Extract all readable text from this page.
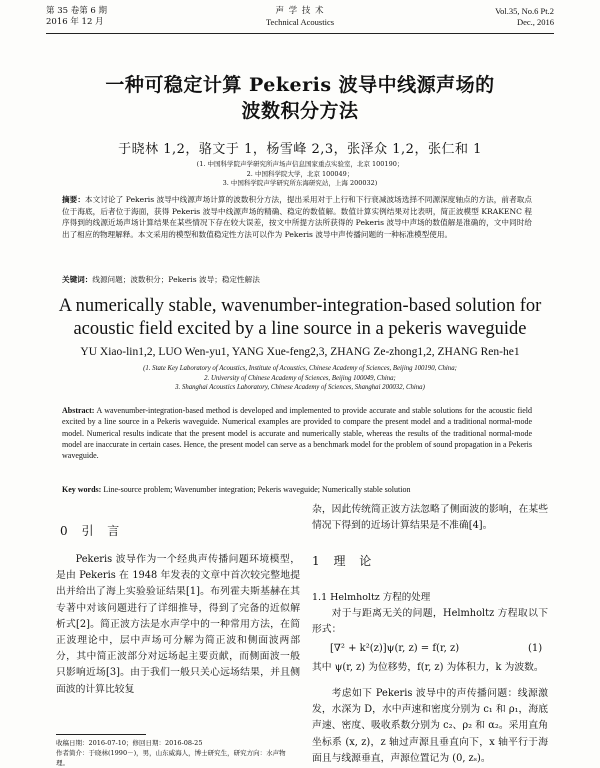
第 35 卷第 6 期
2016 年 12 月
声 学 技 术
Technical Acoustics
Vol.35, No.6 Pt.2
Dec., 2016
一种可稳定计算 Pekeris 波导中线源声场的
波数积分方法
于晓林 1,2，骆文于 1，杨雪峰 2,3，张泽众 1,2，张仁和 1
(1. 中国科学院声学研究所声场声信息国家重点实验室，北京 100190；
2. 中国科学院大学，北京 100049；
3. 中国科学院声学研究所东海研究站，上海 200032)
摘要：本文讨论了 Pekeris 波导中线源声场计算的波数积分方法，提出采用对于上行和下行衰减波场选择不同源深度轴点的方法，前者取点位于海底，后者位于海面，获得 Pekeris 波导中线源声场的精确、稳定的数值解。数值计算实例结果对比表明，简正波模型 KRAKENC 程序得到的线源近场声场计算结果在某些情况下存在较大误差，按文中所提方法所获得的 Pekeris 波导中声场的数值解是准确的，文中同时给出了相应的物理解释。本文采用的模型和数值稳定性方法可以作为 Pekeris 波导中声传播问题的一种标准模型使用。
关键词：线源问题；波数积分；Pekeris 波导；稳定性解法
A numerically stable, wavenumber-integration-based solution for
acoustic field excited by a line source in a pekeris waveguide
YU Xiao-lin1,2, LUO Wen-yu1, YANG Xue-feng2,3, ZHANG Ze-zhong1,2, ZHANG Ren-he1
(1. State Key Laboratory of Acoustics, Institute of Acoustics, Chinese Academy of Sciences, Beijing 100190, China;
2. University of Chinese Academy of Sciences, Beijing 100049, China;
3. Shanghai Acoustics Laboratory, Chinese Academy of Sciences, Shanghai 200032, China)
Abstract: A wavenumber-integration-based method is developed and implemented to provide accurate and stable solutions for the acoustic field excited by a line source in a Pekeris waveguide. Numerical examples are provided to compare the present model and a traditional normal-mode model. Numerical results indicate that the present model is accurate and numerically stable, whereas the results of the traditional normal-mode model are inaccurate in certain cases. Hence, the present model can serve as a benchmark model for the problem of sound propagation in a Pekeris waveguide.
Key words: Line-source problem; Wavenumber integration; Pekeris waveguide; Numerically stable solution
0 引 言
Pekeris 波导作为一个经典声传播问题环境模型，是由 Pekeris 在 1948 年发表的文章中首次较完整地提出并给出了海上实验验证结果[1]。布列霍夫斯基赫在其专著中对该问题进行了详细推导，得到了完备的近似解析式[2]。简正波方法是水声学中的一种常用方法，在简正波理论中，层中声场可分解为简正波和侧面波两部分，其中简正波部分对远场起主要贡献，而侧面波一般只影响近场[3]。由于我们一般只关心远场结果，并且侧面波的计算比较复
杂，因此传统简正波方法忽略了侧面波的影响，在某些情况下得到的近场计算结果是不准确[4]。
1 理 论
1.1 Helmholtz 方程的处理
对于与距离无关的问题，Helmholtz 方程取以下形式：
[∇² + k²(z)]ψ(r, z) = f(r, z)	(1)
其中 ψ(r, z) 为位移势，f(r, z) 为体积力，k 为波数。
考虑如下 Pekeris 波导中的声传播问题：线源激发，水深为 D，水中声速和密度分别为 c₁ 和 ρ₁，海底声速、密度、吸收系数分别为 c₂、ρ₂ 和 α₂。采用直角坐标系 (x, z)，z 轴过声源且垂直向下，x 轴平行于海面且与线源垂直，声源位置记为 (0, zₛ)。
收稿日期：2016-07-10；修回日期：2016-08-25
作者简介：于晓林(1990－)，男，山东威海人，博士研究生，研究方向：水声物理。
